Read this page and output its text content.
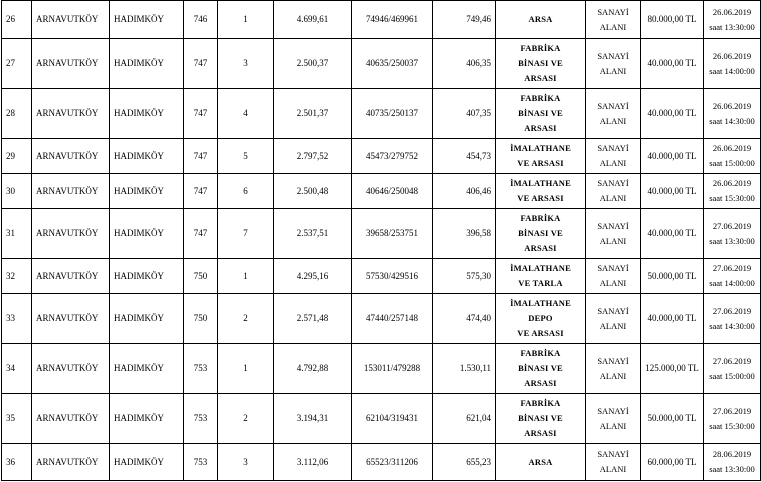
26	ARNAVUTKÖY	HADIMKÖY	746	1	4.699,61	74946/469961	749,46	ARSA	SANAYİ
ALANI	80.000,00 TL	26.06.2019
saat 13:30:00

27	ARNAVUTKÖY	HADIMKÖY	747	3	2.500,37	40635/250037	406,35	FABRİKA
BİNASI VE
ARSASI	SANAYİ
ALANI	40.000,00 TL	26.06.2019
saat 14:00:00

28	ARNAVUTKÖY	HADIMKÖY	747	4	2.501,37	40735/250137	407,35	FABRİKA
BİNASI VE
ARSASI	SANAYİ
ALANI	40.000,00 TL	26.06.2019
saat 14:30:00

29	ARNAVUTKÖY	HADIMKÖY	747	5	2.797,52	45473/279752	454,73	İMALATHANE
VE ARSASI	SANAYİ
ALANI	40.000,00 TL	26.06.2019
saat 15:00:00

30	ARNAVUTKÖY	HADIMKÖY	747	6	2.500,48	40646/250048	406,46	İMALATHANE
VE ARSASI	SANAYİ
ALANI	40.000,00 TL	26.06.2019
saat 15:30:00

31	ARNAVUTKÖY	HADIMKÖY	747	7	2.537,51	39658/253751	396,58	FABRİKA
BİNASI VE
ARSASI	SANAYİ
ALANI	40.000,00 TL	27.06.2019
saat 13:30:00

32	ARNAVUTKÖY	HADIMKÖY	750	1	4.295,16	57530/429516	575,30	İMALATHANE
VE TARLA	SANAYİ
ALANI	50.000,00 TL	27.06.2019
saat 14:00:00

33	ARNAVUTKÖY	HADIMKÖY	750	2	2.571,48	47440/257148	474,40	İMALATHANE
DEPO
VE ARSASI	SANAYİ
ALANI	40.000,00 TL	27.06.2019
saat 14:30:00

34	ARNAVUTKÖY	HADIMKÖY	753	1	4.792,88	153011/479288	1.530,11	FABRİKA
BİNASI VE
ARSASI	SANAYİ
ALANI	125.000,00 TL	27.06.2019
saat 15:00:00

35	ARNAVUTKÖY	HADIMKÖY	753	2	3.194,31	62104/319431	621,04	FABRİKA
BİNASI VE
ARSASI	SANAYİ
ALANI	50.000,00 TL	27.06.2019
saat 15:30:00

36	ARNAVUTKÖY	HADIMKÖY	753	3	3.112,06	65523/311206	655,23	ARSA	SANAYİ
ALANI	60.000,00 TL	28.06.2019
saat 13:30:00
